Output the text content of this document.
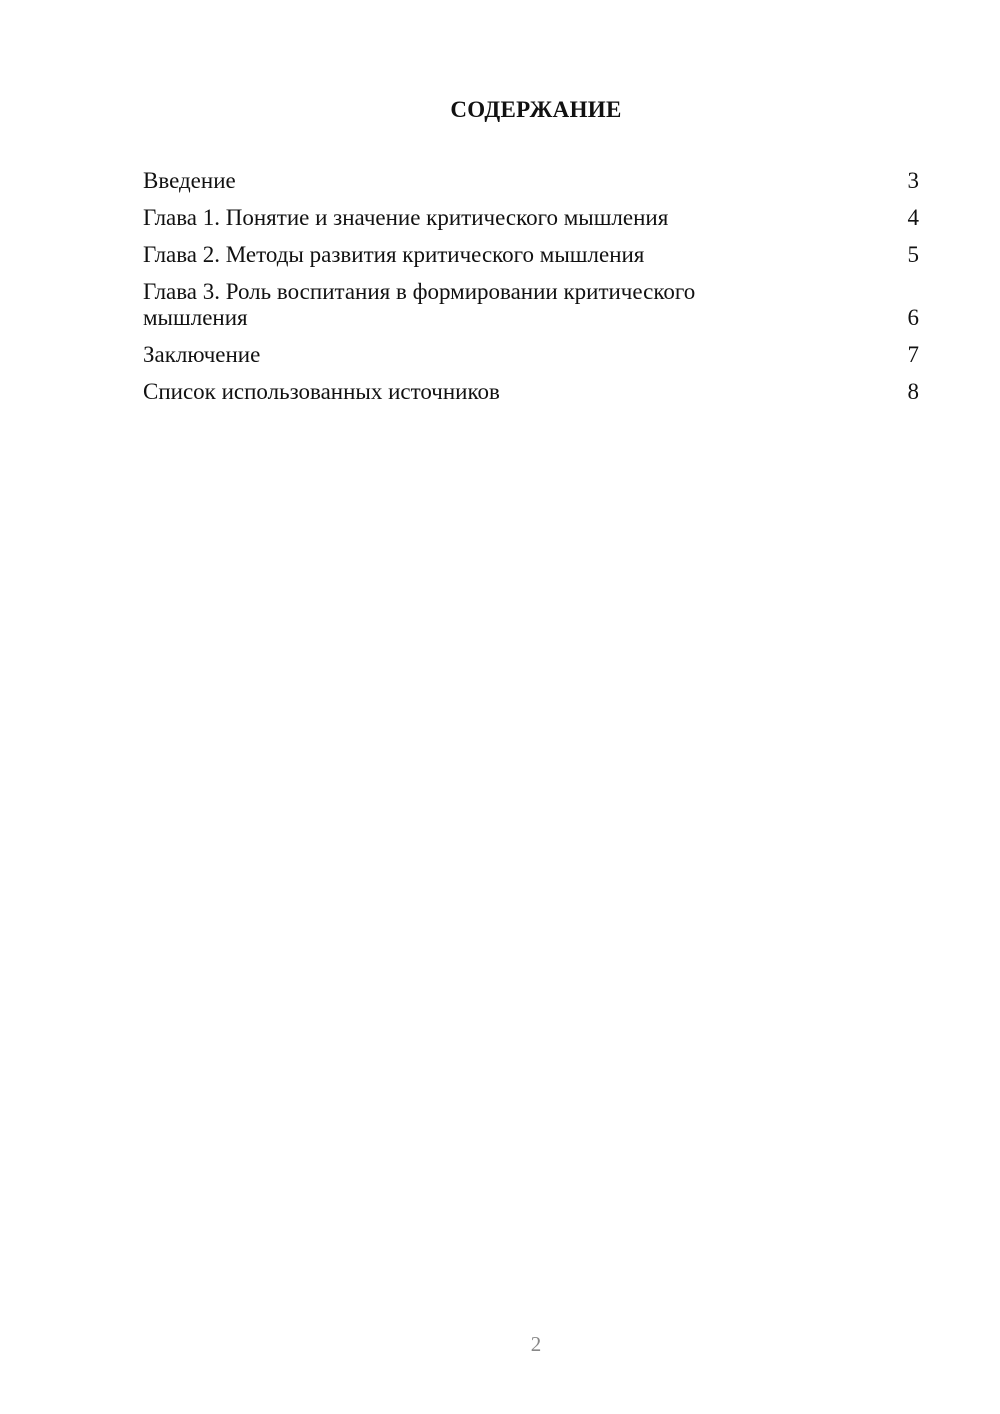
СОДЕРЖАНИЕ
Введение	3
Глава 1. Понятие и значение критического мышления	4
Глава 2. Методы развития критического мышления	5
Глава 3. Роль воспитания в формировании критического мышления	6
Заключение	7
Список использованных источников	8
2
